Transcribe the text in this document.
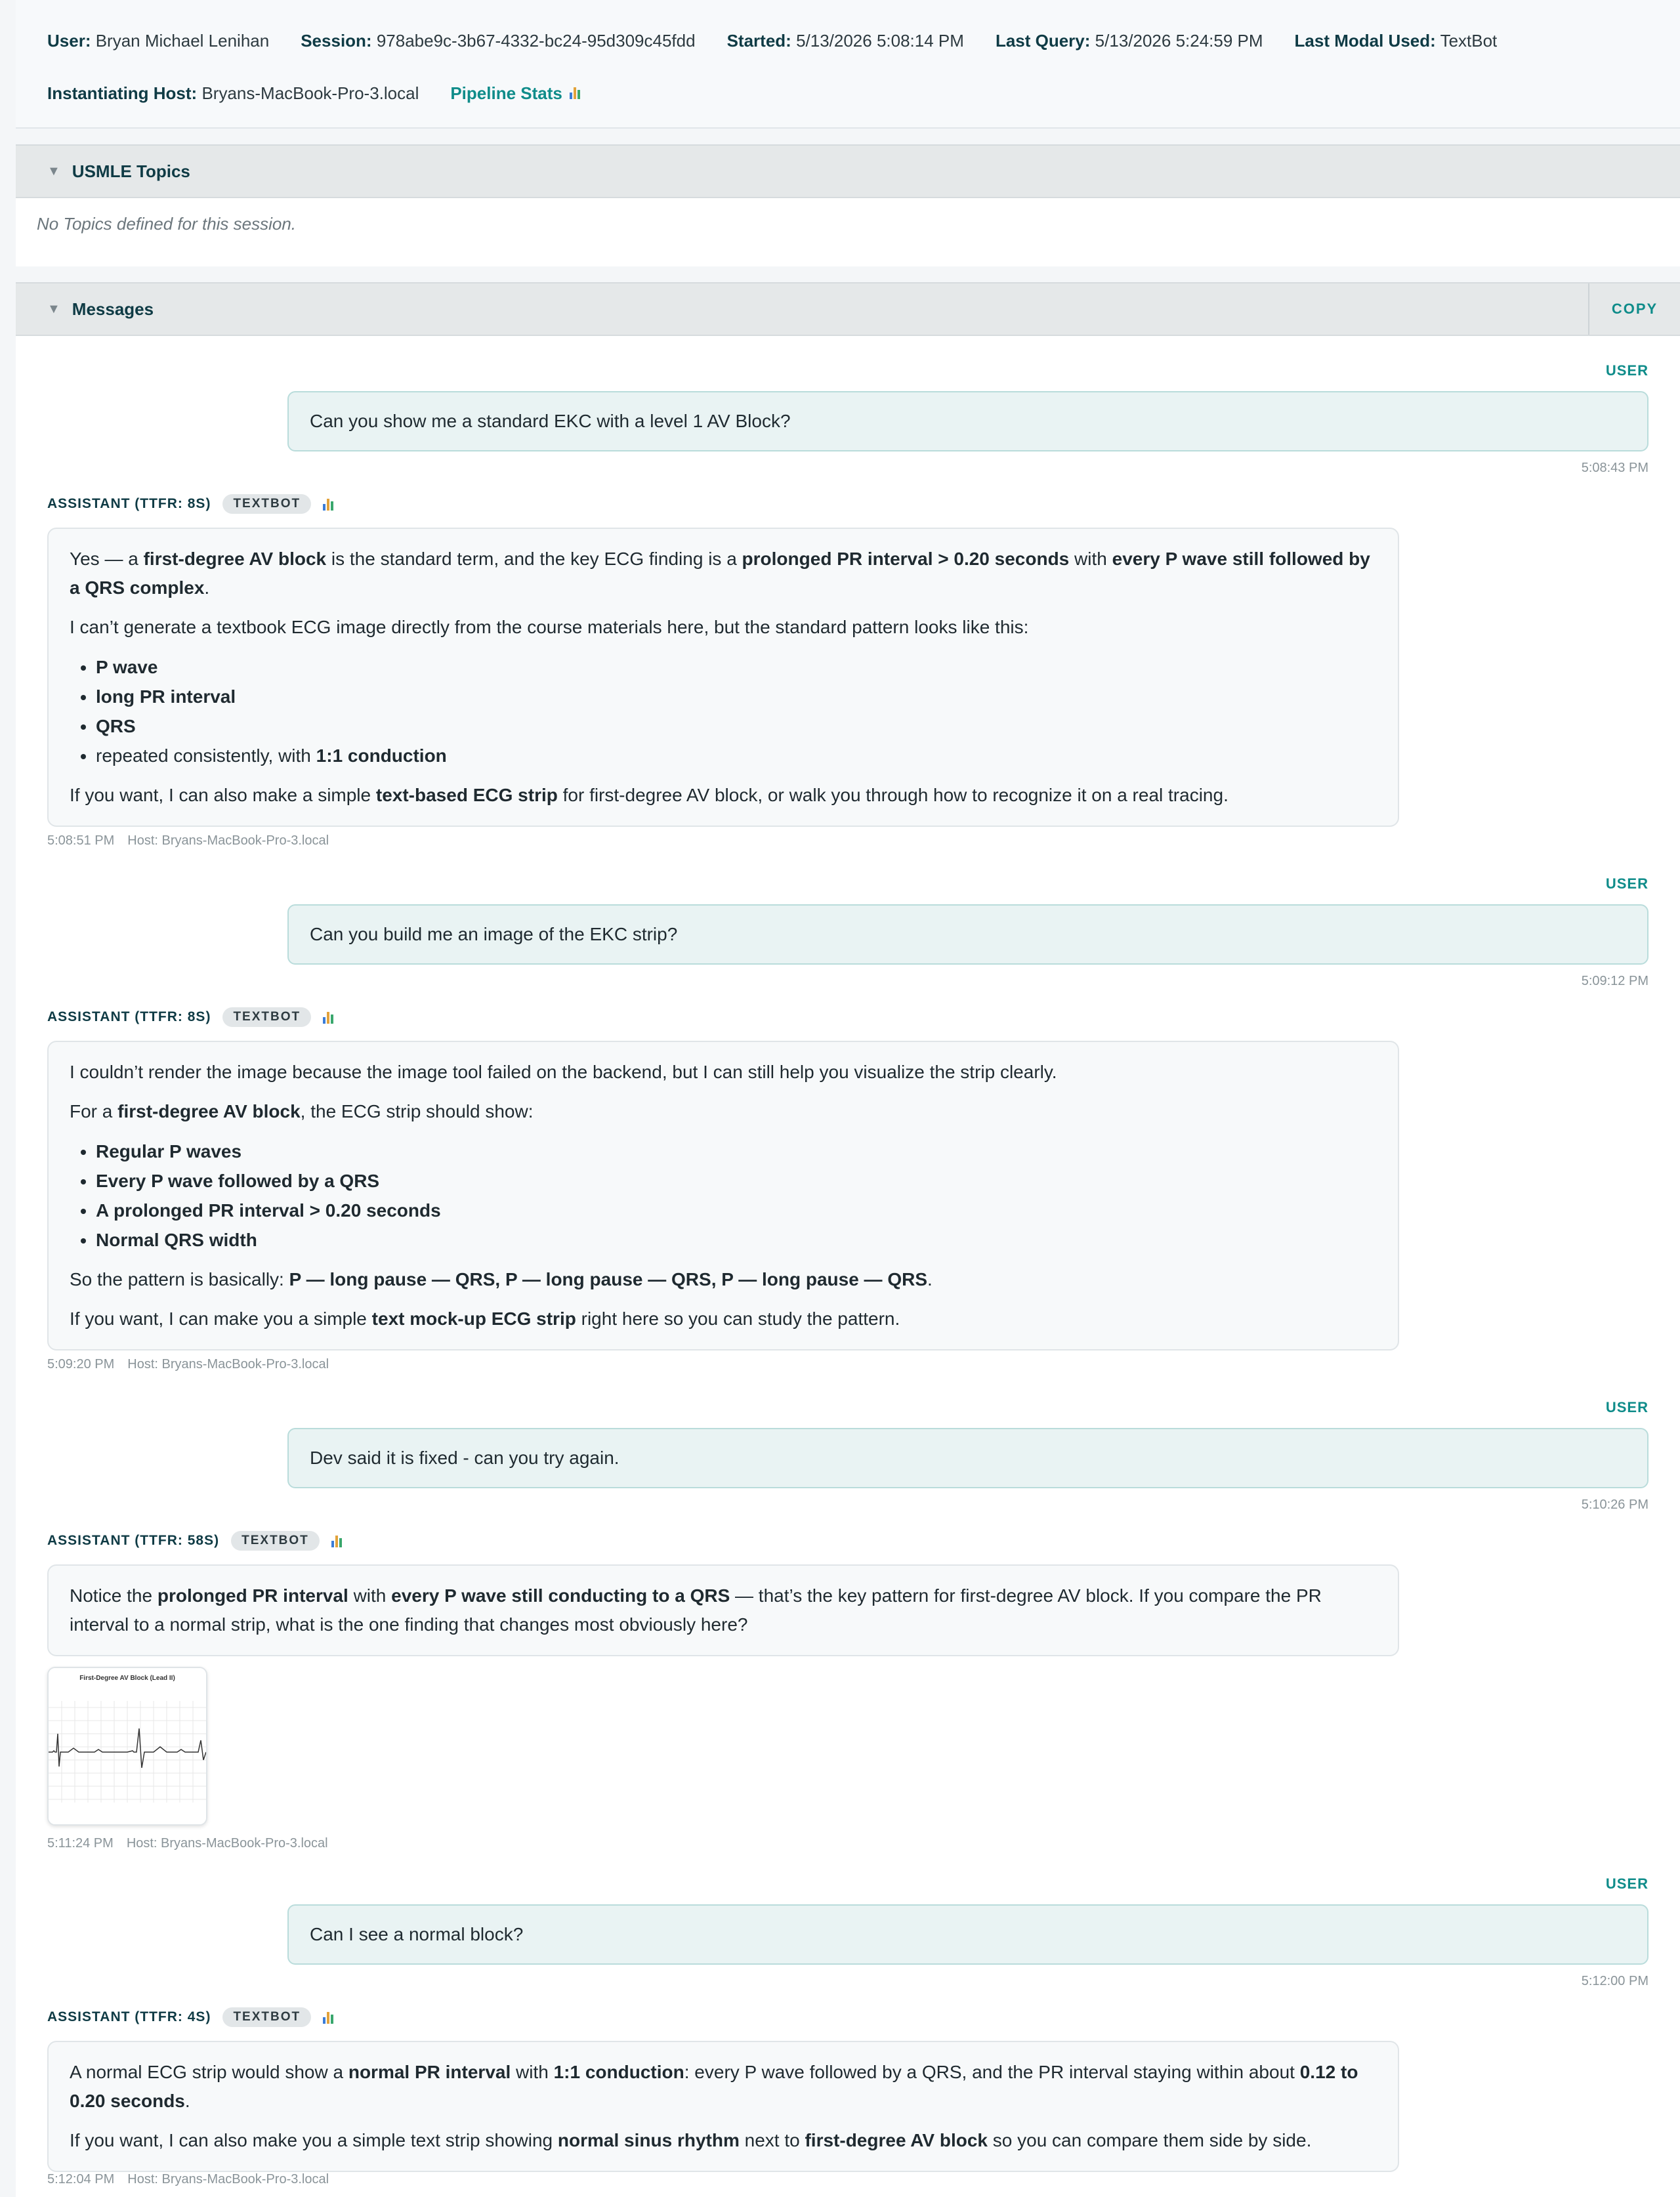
User: Bryan Michael Lenihan Session: 978abe9c-3b67-4332-bc24-95d309c45fdd Started: 5/13/2026 5:08:14 PM Last Query: 5/13/2026 5:24:59 PM Last Modal Used: TextBot
Instantiating Host: Bryans-MacBook-Pro-3.local Pipeline Stats
▼ USMLE Topics
No Topics defined for this session.
▼ Messages	COPY
USER
Can you show me a standard EKC with a level 1 AV Block?
5:08:43 PM
ASSISTANT (TTFR: 8S)	TEXTBOT

Yes — a first-degree AV block is the standard term, and the key ECG finding is a prolonged PR interval > 0.20 seconds with every P wave still followed by a QRS complex.

I can’t generate a textbook ECG image directly from the course materials here, but the standard pattern looks like this:

• P wave
• long PR interval
• QRS
• repeated consistently, with 1:1 conduction

If you want, I can also make a simple text-based ECG strip for first-degree AV block, or walk you through how to recognize it on a real tracing.

5:08:51 PM Host: Bryans-MacBook-Pro-3.local
USER
Can you build me an image of the EKC strip?
5:09:12 PM
ASSISTANT (TTFR: 8S)	TEXTBOT

I couldn’t render the image because the image tool failed on the backend, but I can still help you visualize the strip clearly.

For a first-degree AV block, the ECG strip should show:

• Regular P waves
• Every P wave followed by a QRS
• A prolonged PR interval > 0.20 seconds
• Normal QRS width

So the pattern is basically: P — long pause — QRS, P — long pause — QRS, P — long pause — QRS.

If you want, I can make you a simple text mock-up ECG strip right here so you can study the pattern.

5:09:20 PM Host: Bryans-MacBook-Pro-3.local
USER
Dev said it is fixed - can you try again.
5:10:26 PM
ASSISTANT (TTFR: 58S)	TEXTBOT

Notice the prolonged PR interval with every P wave still conducting to a QRS — that’s the key pattern for first-degree AV block. If you compare the PR interval to a normal strip, what is the one finding that changes most obviously here?

First-Degree AV Block (Lead II)
5:11:24 PM Host: Bryans-MacBook-Pro-3.local
USER
Can I see a normal block?
5:12:00 PM
ASSISTANT (TTFR: 4S)	TEXTBOT

A normal ECG strip would show a normal PR interval with 1:1 conduction: every P wave followed by a QRS, and the PR interval staying within about 0.12 to 0.20 seconds.

If you want, I can also make you a simple text strip showing normal sinus rhythm next to first-degree AV block so you can compare them side by side.

5:12:04 PM Host: Bryans-MacBook-Pro-3.local
